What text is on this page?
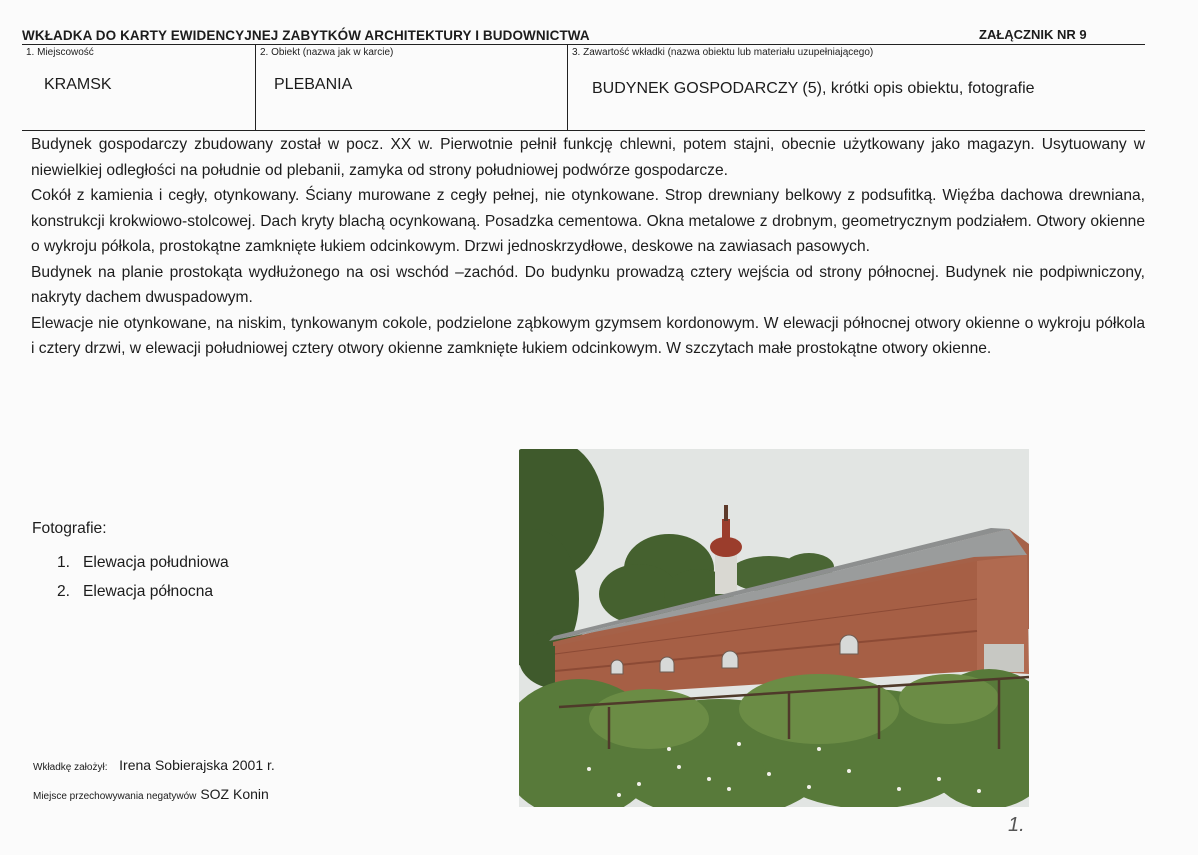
WKŁADKA DO KARTY EWIDENCYJNEJ ZABYTKÓW ARCHITEKTURY I BUDOWNICTWA	ZAŁĄCZNIK NR 9
1. Miejscowość
KRAMSK
2. Obiekt (nazwa jak w karcie)
PLEBANIA
3. Zawartość wkładki (nazwa obiektu lub materiału uzupełniającego)
BUDYNEK GOSPODARCZY (5), krótki opis obiektu, fotografie

Budynek gospodarczy zbudowany został w pocz. XX w. Pierwotnie pełnił funkcję chlewni, potem stajni, obecnie użytkowany jako magazyn. Usytuowany w niewielkiej odległości na południe od plebanii, zamyka od strony południowej podwórze gospodarcze.

Cokół z kamienia i cegły, otynkowany. Ściany murowane z cegły pełnej, nie otynkowane. Strop drewniany belkowy z podsufitką. Więźba dachowa drewniana, konstrukcji krokwiowo-stolcowej. Dach kryty blachą ocynkowaną. Posadzka cementowa. Okna metalowe z drobnym, geometrycznym podziałem. Otwory okienne o wykroju półkola, prostokątne zamknięte łukiem odcinkowym. Drzwi jednoskrzydłowe, deskowe na zawiasach pasowych.

Budynek na planie prostokąta wydłużonego na osi wschód –zachód. Do budynku prowadzą cztery wejścia od strony północnej. Budynek nie podpiwniczony, nakryty dachem dwuspadowym.

Elewacje nie otynkowane, na niskim, tynkowanym cokole, podzielone ząbkowym gzymsem kordonowym. W elewacji północnej otwory okienne o wykroju półkola i cztery drzwi, w elewacji południowej cztery otwory okienne zamknięte łukiem odcinkowym. W szczytach małe prostokątne otwory okienne.

Fotografie:
1. Elewacja południowa
2. Elewacja północna
Wkładkę założył: Irena Sobierajska 2001 r.
Miejsce przechowywania negatywów SOZ Konin
1.
